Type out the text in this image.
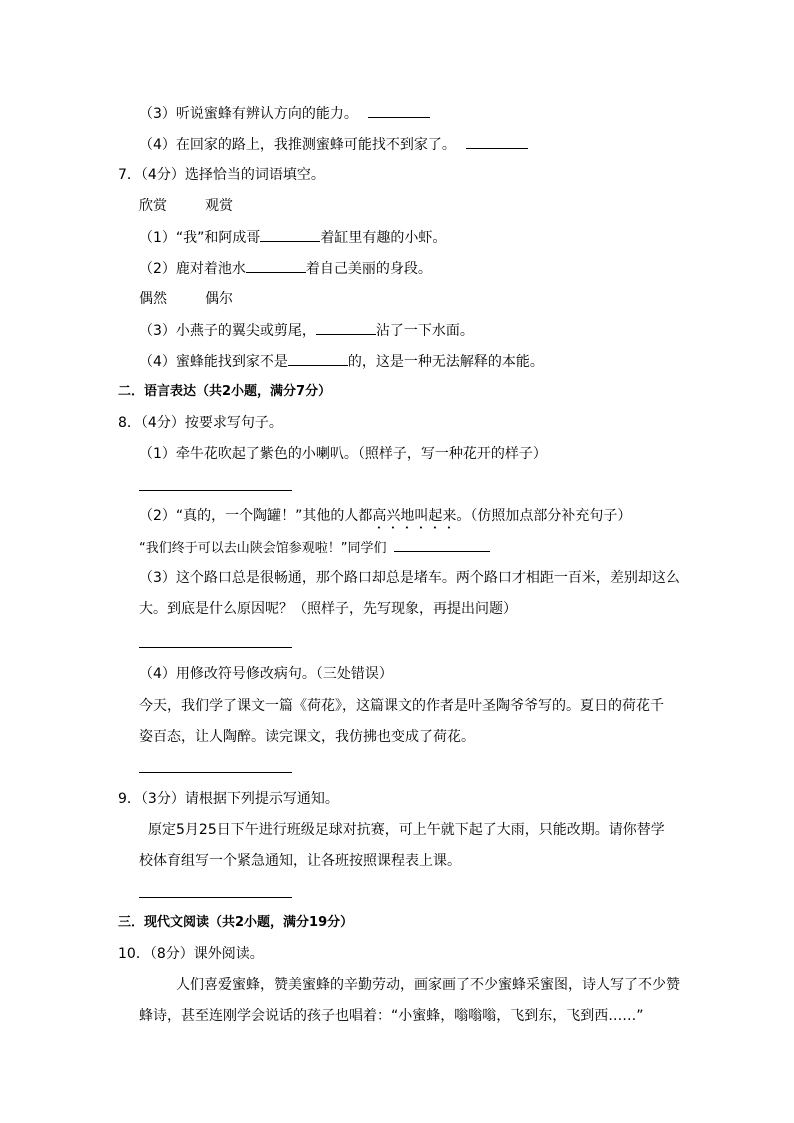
（3）听说蜜蜂有辨认方向的能力。
（4）在回家的路上，我推测蜜蜂可能找不到家了。
7．（4分）选择恰当的词语填空。
欣赏	观赏
（1）“我”和阿成哥	着缸里有趣的小虾。
（2）鹿对着池水	着自己美丽的身段。
偶然	偶尔
（3）小燕子的翼尖或剪尾，	沾了一下水面。
（4）蜜蜂能找到家不是	的，这是一种无法解释的本能。
二．语言表达（共2小题，满分7分）
8．（4分）按要求写句子。
（1）牵牛花吹起了紫色的小喇叭。（照样子，写一种花开的样子）
（2）“真的，一个陶罐！”其他的人都高兴地叫起来。（仿照加点部分补充句子）
“我们终于可以去山陕会馆参观啦！”同学们
（3）这个路口总是很畅通，那个路口却总是堵车。两个路口才相距一百米，差别却这么
大。到底是什么原因呢？（照样子，先写现象，再提出问题）
（4）用修改符号修改病句。（三处错误）
今天，我们学了课文一篇《荷花》，这篇课文的作者是叶圣陶爷爷写的。夏日的荷花千
姿百态，让人陶醉。读完课文，我仿拂也变成了荷花。
9．（3分）请根据下列提示写通知。
原定5月25日下午进行班级足球对抗赛，可上午就下起了大雨，只能改期。请你替学
校体育组写一个紧急通知，让各班按照课程表上课。
三．现代文阅读（共2小题，满分19分）
10．（8分）课外阅读。
人们喜爱蜜蜂，赞美蜜蜂的辛勤劳动，画家画了不少蜜蜂采蜜图，诗人写了不少赞
蜂诗，甚至连刚学会说话的孩子也唱着：“小蜜蜂，嗡嗡嗡，飞到东，飞到西……”
